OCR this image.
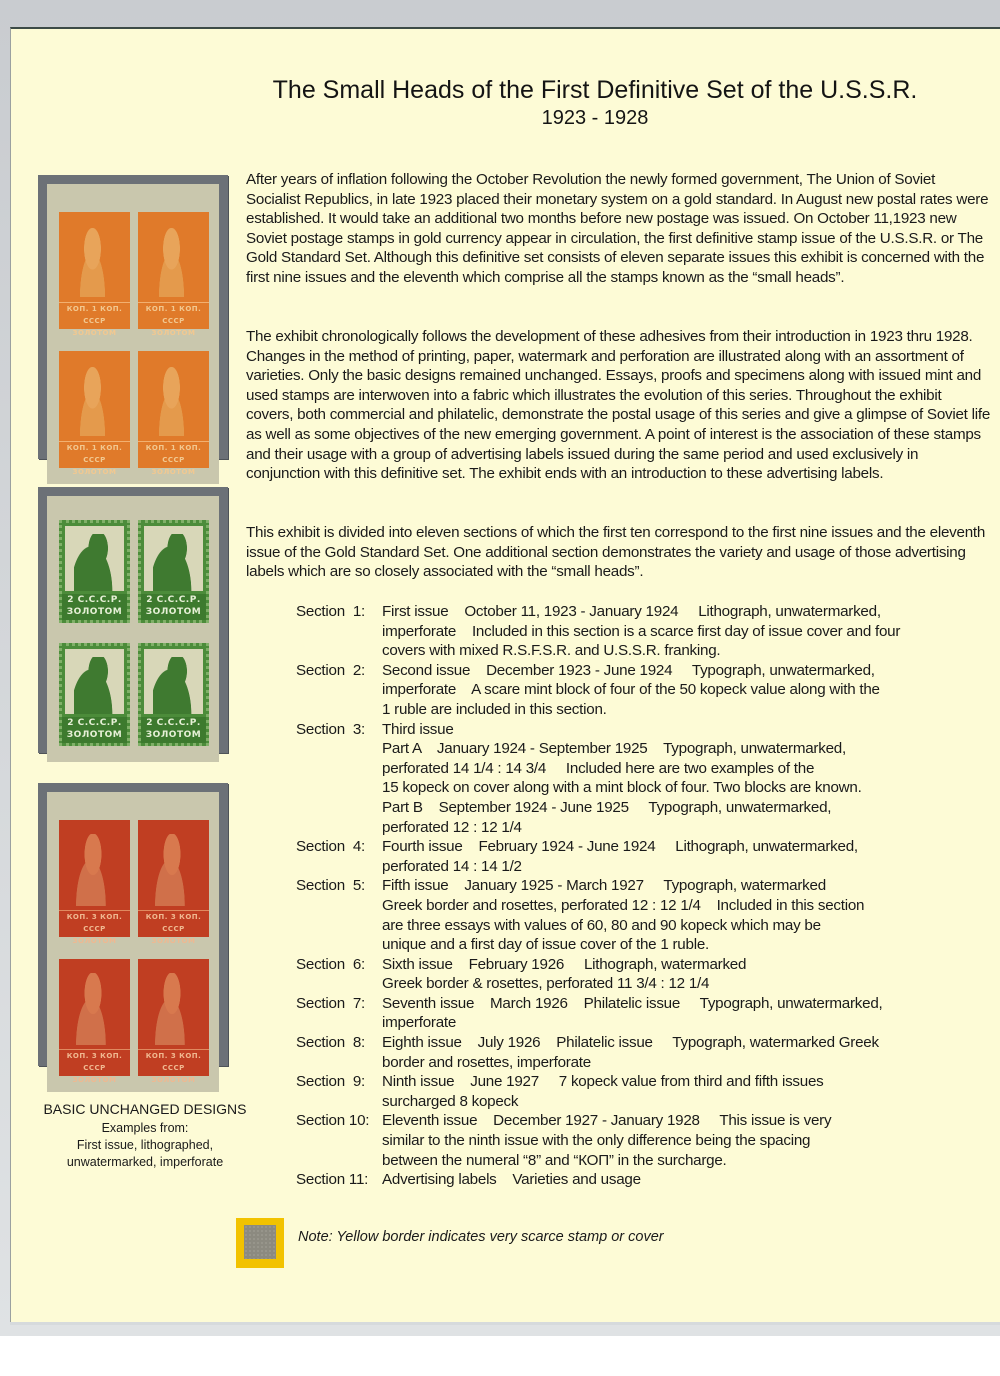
The Small Heads of the First Definitive Set of the U.S.S.R.
1923 - 1928
After years of inflation following the October Revolution the newly formed government, The Union of Soviet Socialist Republics, in late 1923 placed their monetary system on a gold standard. In August new postal rates were established. It would take an additional two months before new postage was issued. On October 11,1923 new Soviet postage stamps in gold currency appear in circulation, the first definitive stamp issue of the U.S.S.R. or The Gold Standard Set. Although this definitive set consists of eleven separate issues this exhibit is concerned with the first nine issues and the eleventh which comprise all the stamps known as the “small heads”.
The exhibit chronologically follows the development of these adhesives from their introduction in 1923 thru 1928. Changes in the method of printing, paper, watermark and perforation are illustrated along with an assortment of varieties. Only the basic designs remained unchanged. Essays, proofs and specimens along with issued mint and used stamps are interwoven into a fabric which illustrates the evolution of this series. Throughout the exhibit covers, both commercial and philatelic, demonstrate the postal usage of this series and give a glimpse of Soviet life as well as some objectives of the new emerging government. A point of interest is the association of these stamps and their usage with a group of advertising labels issued during the same period and used exclusively in conjunction with this definitive set. The exhibit ends with an introduction to these advertising labels.
This exhibit is divided into eleven sections of which the first ten correspond to the first nine issues and the eleventh issue of the Gold Standard Set. One additional section demonstrates the variety and usage of those advertising labels which are so closely associated with the “small heads”.
Section  1:	First issue    October 11, 1923 - January 1924     Lithograph, unwatermarked,
imperforate    Included in this section is a scarce first day of issue cover and four
covers with mixed R.S.F.S.R. and U.S.S.R. franking.
Section  2:	Second issue    December 1923 - June 1924     Typograph, unwatermarked,
imperforate    A scare mint block of four of the 50 kopeck value along with the
1 ruble are included in this section.
Section  3:	Third issue
Part A    January 1924 - September 1925    Typograph, unwatermarked,
perforated 14 1/4 : 14 3/4     Included here are two examples of the
15 kopeck on cover along with a mint block of four. Two blocks are known.
Part B    September 1924 - June 1925     Typograph, unwatermarked,
perforated 12 : 12 1/4
Section  4:	Fourth issue    February 1924 - June 1924     Lithograph, unwatermarked,
perforated 14 : 14 1/2
Section  5:	Fifth issue    January 1925 - March 1927     Typograph, watermarked
Greek border and rosettes, perforated 12 : 12 1/4    Included in this section
are three essays with values of 60, 80 and 90 kopeck which may be
unique and a first day of issue cover of the 1 ruble.
Section  6:	Sixth issue    February 1926     Lithograph, watermarked
Greek border & rosettes, perforated 11 3/4 : 12 1/4
Section  7:	Seventh issue    March 1926    Philatelic issue     Typograph, unwatermarked,
imperforate
Section  8:	Eighth issue    July 1926    Philatelic issue     Typograph, watermarked Greek
border and rosettes, imperforate
Section  9:	Ninth issue    June 1927     7 kopeck value from third and fifth issues
surcharged 8 kopeck
Section 10: Eleventh issue    December 1927 - January 1928     This issue is very
similar to the ninth issue with the only difference being the spacing
between the numeral “8” and “КОП” in the surcharge.
Section 11: Advertising labels    Varieties and usage
КОП. 1 КОП. СССР
ЗОЛОТОМ
КОП. 1 КОП. СССР
ЗОЛОТОМ
КОП. 1 КОП. СССР
ЗОЛОТОМ
КОП. 1 КОП. СССР
ЗОЛОТОМ
2 С.С.С.Р.
ЗОЛОТОМ
2 С.С.С.Р.
ЗОЛОТОМ
2 С.С.С.Р.
ЗОЛОТОМ
2 С.С.С.Р.
ЗОЛОТОМ
КОП. 3 КОП. СССР
ЗОЛОТОМ
КОП. 3 КОП. СССР
ЗОЛОТОМ
КОП. 3 КОП. СССР
ЗОЛОТОМ
КОП. 3 КОП. СССР
ЗОЛОТОМ
BASIC UNCHANGED DESIGNS
Examples from:
First issue, lithographed,
unwatermarked, imperforate
Note: Yellow border indicates very scarce stamp or cover
